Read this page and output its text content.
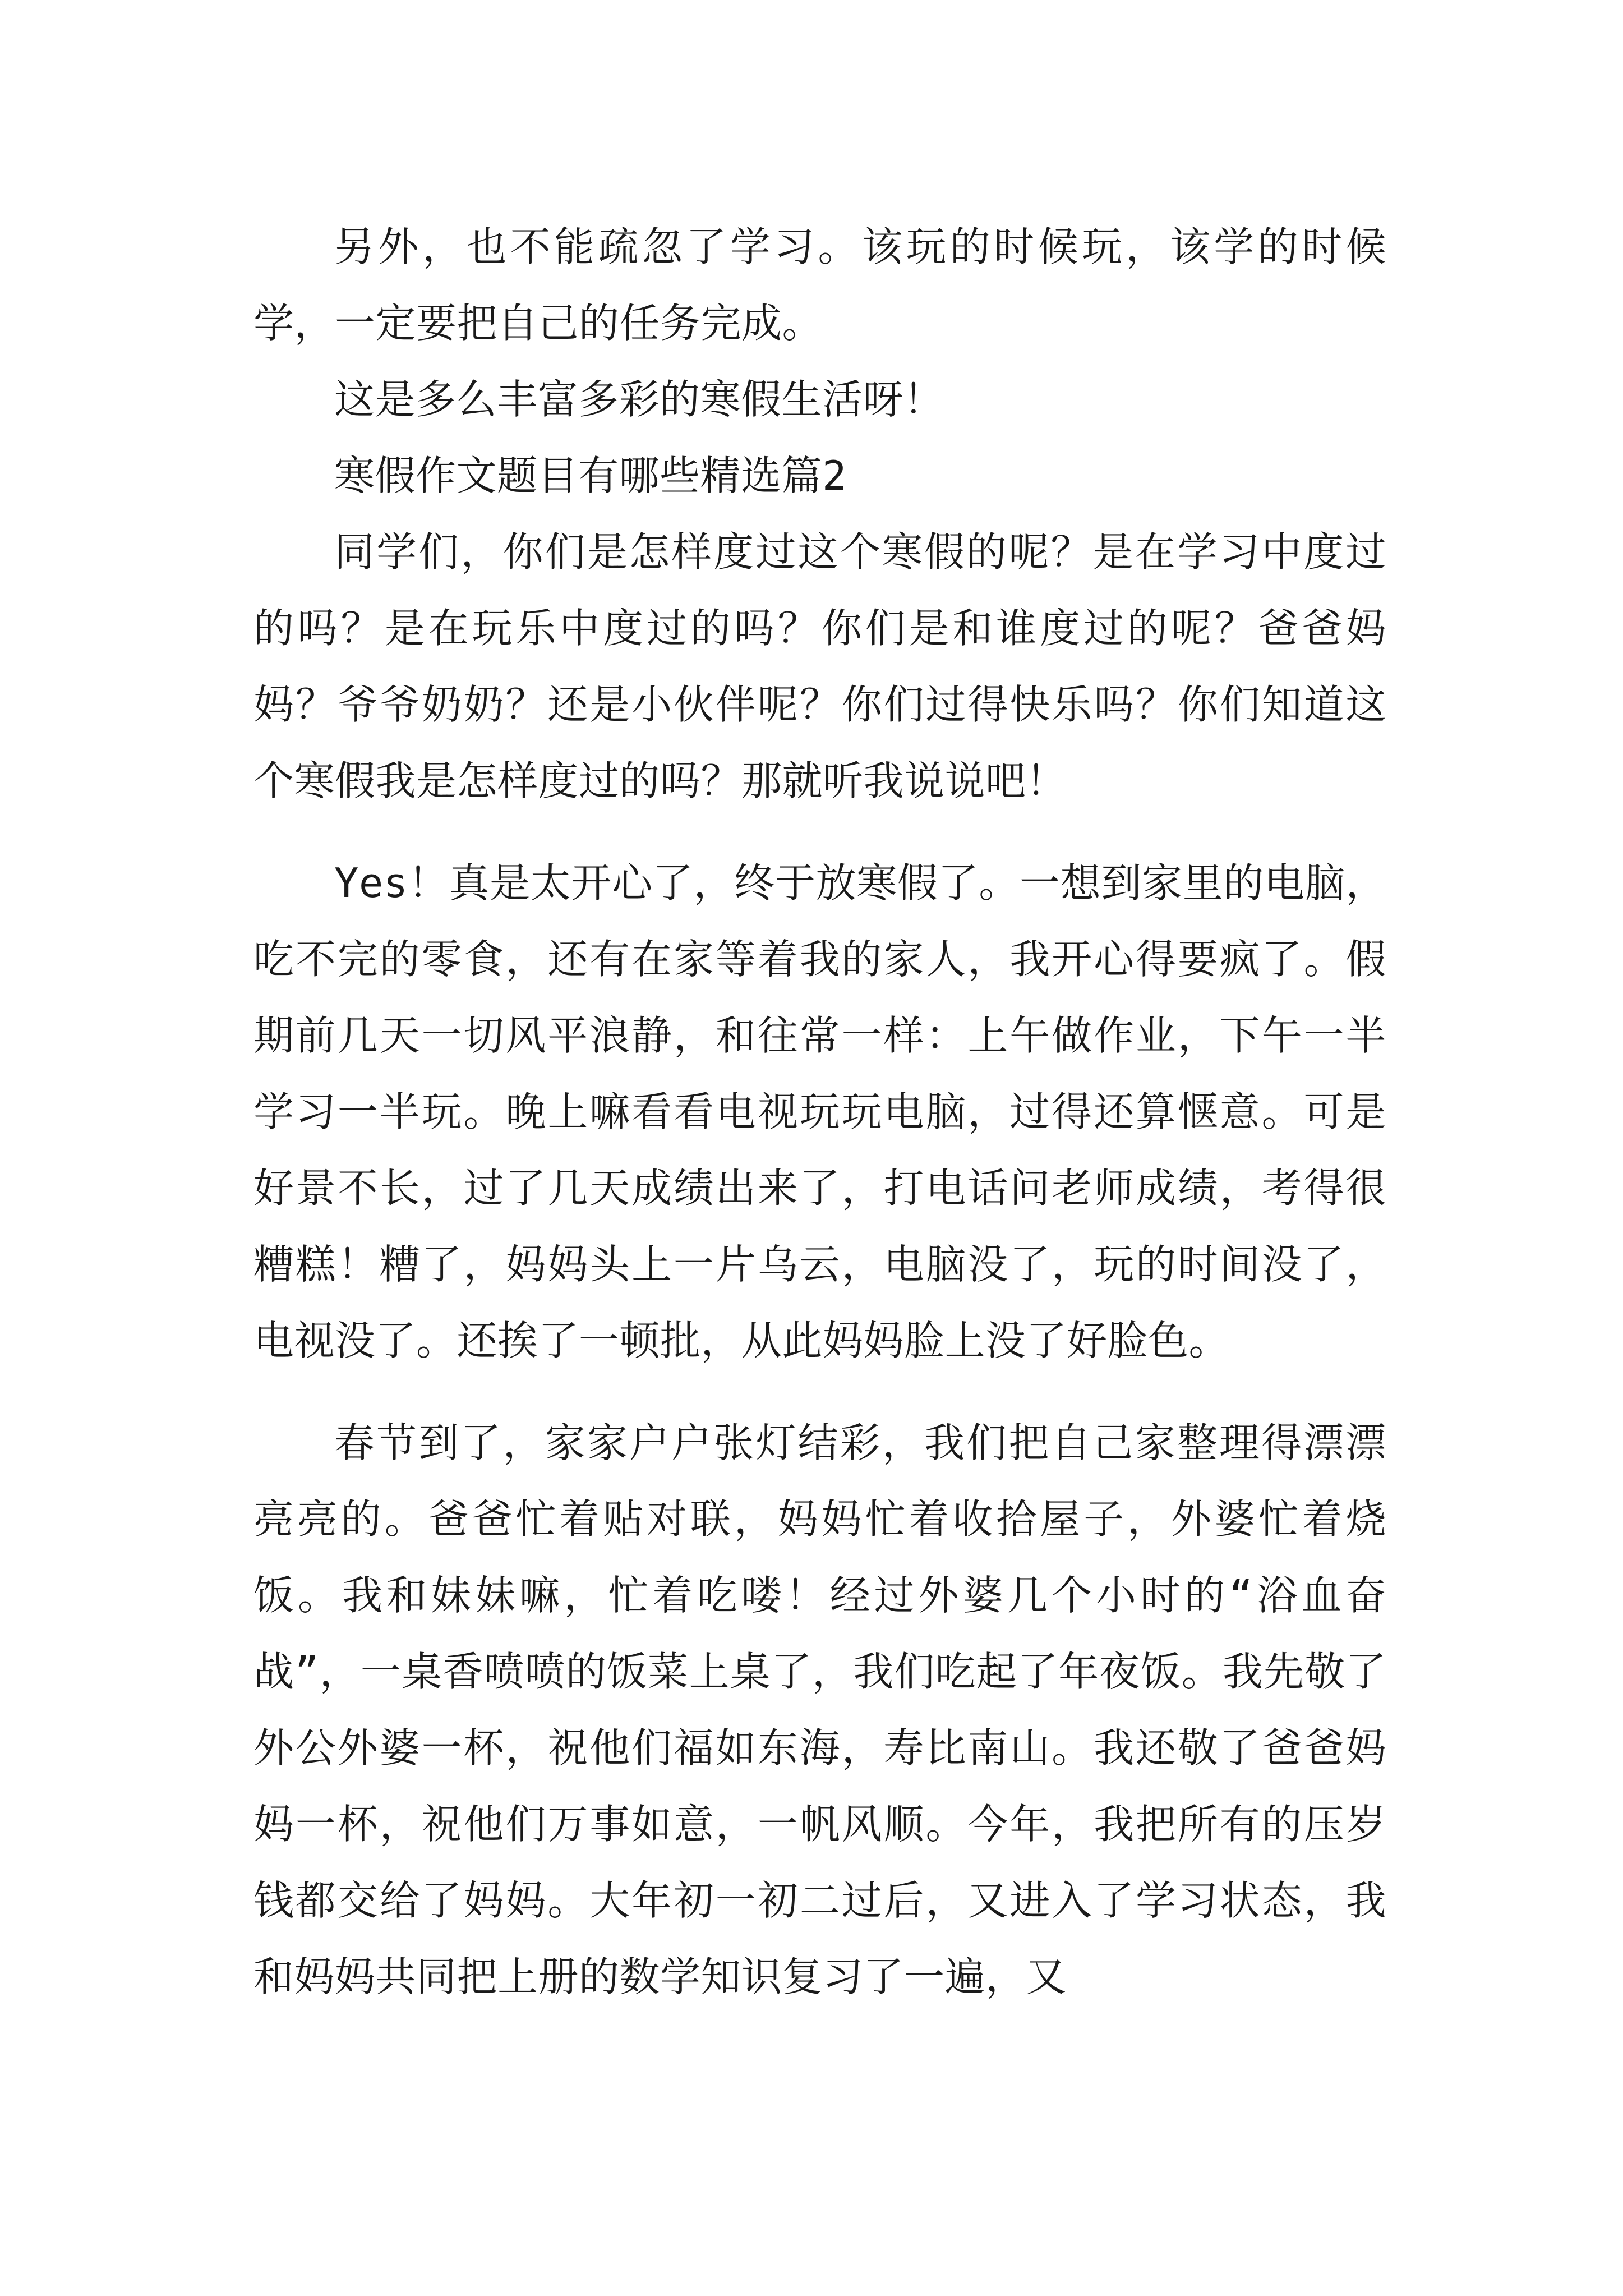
另外，也不能疏忽了学习。该玩的时候玩，该学的时候学，一定要把自己的任务完成。

这是多么丰富多彩的寒假生活呀！

寒假作文题目有哪些精选篇2

同学们，你们是怎样度过这个寒假的呢？是在学习中度过的吗？是在玩乐中度过的吗？你们是和谁度过的呢？爸爸妈妈？爷爷奶奶？还是小伙伴呢？你们过得快乐吗？你们知道这个寒假我是怎样度过的吗？那就听我说说吧！

Yes！真是太开心了，终于放寒假了。一想到家里的电脑，吃不完的零食，还有在家等着我的家人，我开心得要疯了。假期前几天一切风平浪静，和往常一样：上午做作业，下午一半学习一半玩。晚上嘛看看电视玩玩电脑，过得还算惬意。可是好景不长，过了几天成绩出来了，打电话问老师成绩，考得很糟糕！糟了，妈妈头上一片乌云，电脑没了，玩的时间没了，电视没了。还挨了一顿批，从此妈妈脸上没了好脸色。

春节到了，家家户户张灯结彩，我们把自己家整理得漂漂亮亮的。爸爸忙着贴对联，妈妈忙着收拾屋子，外婆忙着烧饭。我和妹妹嘛，忙着吃喽！经过外婆几个小时的“浴血奋战”，一桌香喷喷的饭菜上桌了，我们吃起了年夜饭。我先敬了外公外婆一杯，祝他们福如东海，寿比南山。我还敬了爸爸妈妈一杯，祝他们万事如意，一帆风顺。今年，我把所有的压岁钱都交给了妈妈。大年初一初二过后，又进入了学习状态，我和妈妈共同把上册的数学知识复习了一遍，又
